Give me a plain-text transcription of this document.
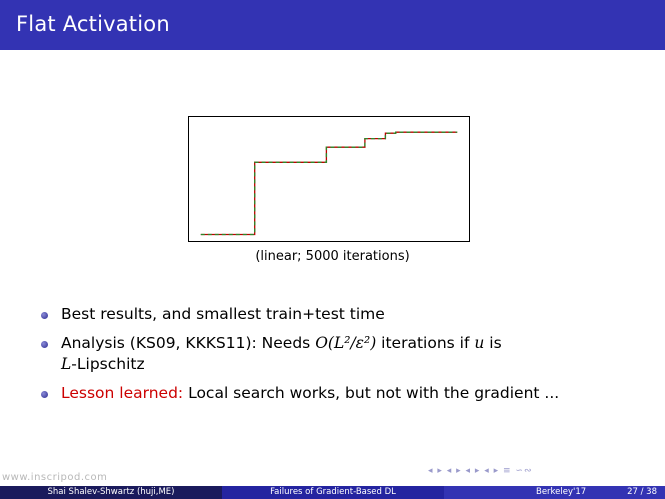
Flat Activation
(linear; 5000 iterations)
Best results, and smallest train+test time
Analysis (KS09, KKKS11): Needs O(L²/ε²) iterations if u is
L-Lipschitz
Lesson learned: Local search works, but not with the gradient ...
◂ ▸ ◂ ▸ ◂ ▸ ◂ ▸ ≡ ∽∾
www.inscripod.com
Shai Shalev-Shwartz (huji,ME)	Failures of Gradient-Based DL	Berkeley'17	27 / 38
